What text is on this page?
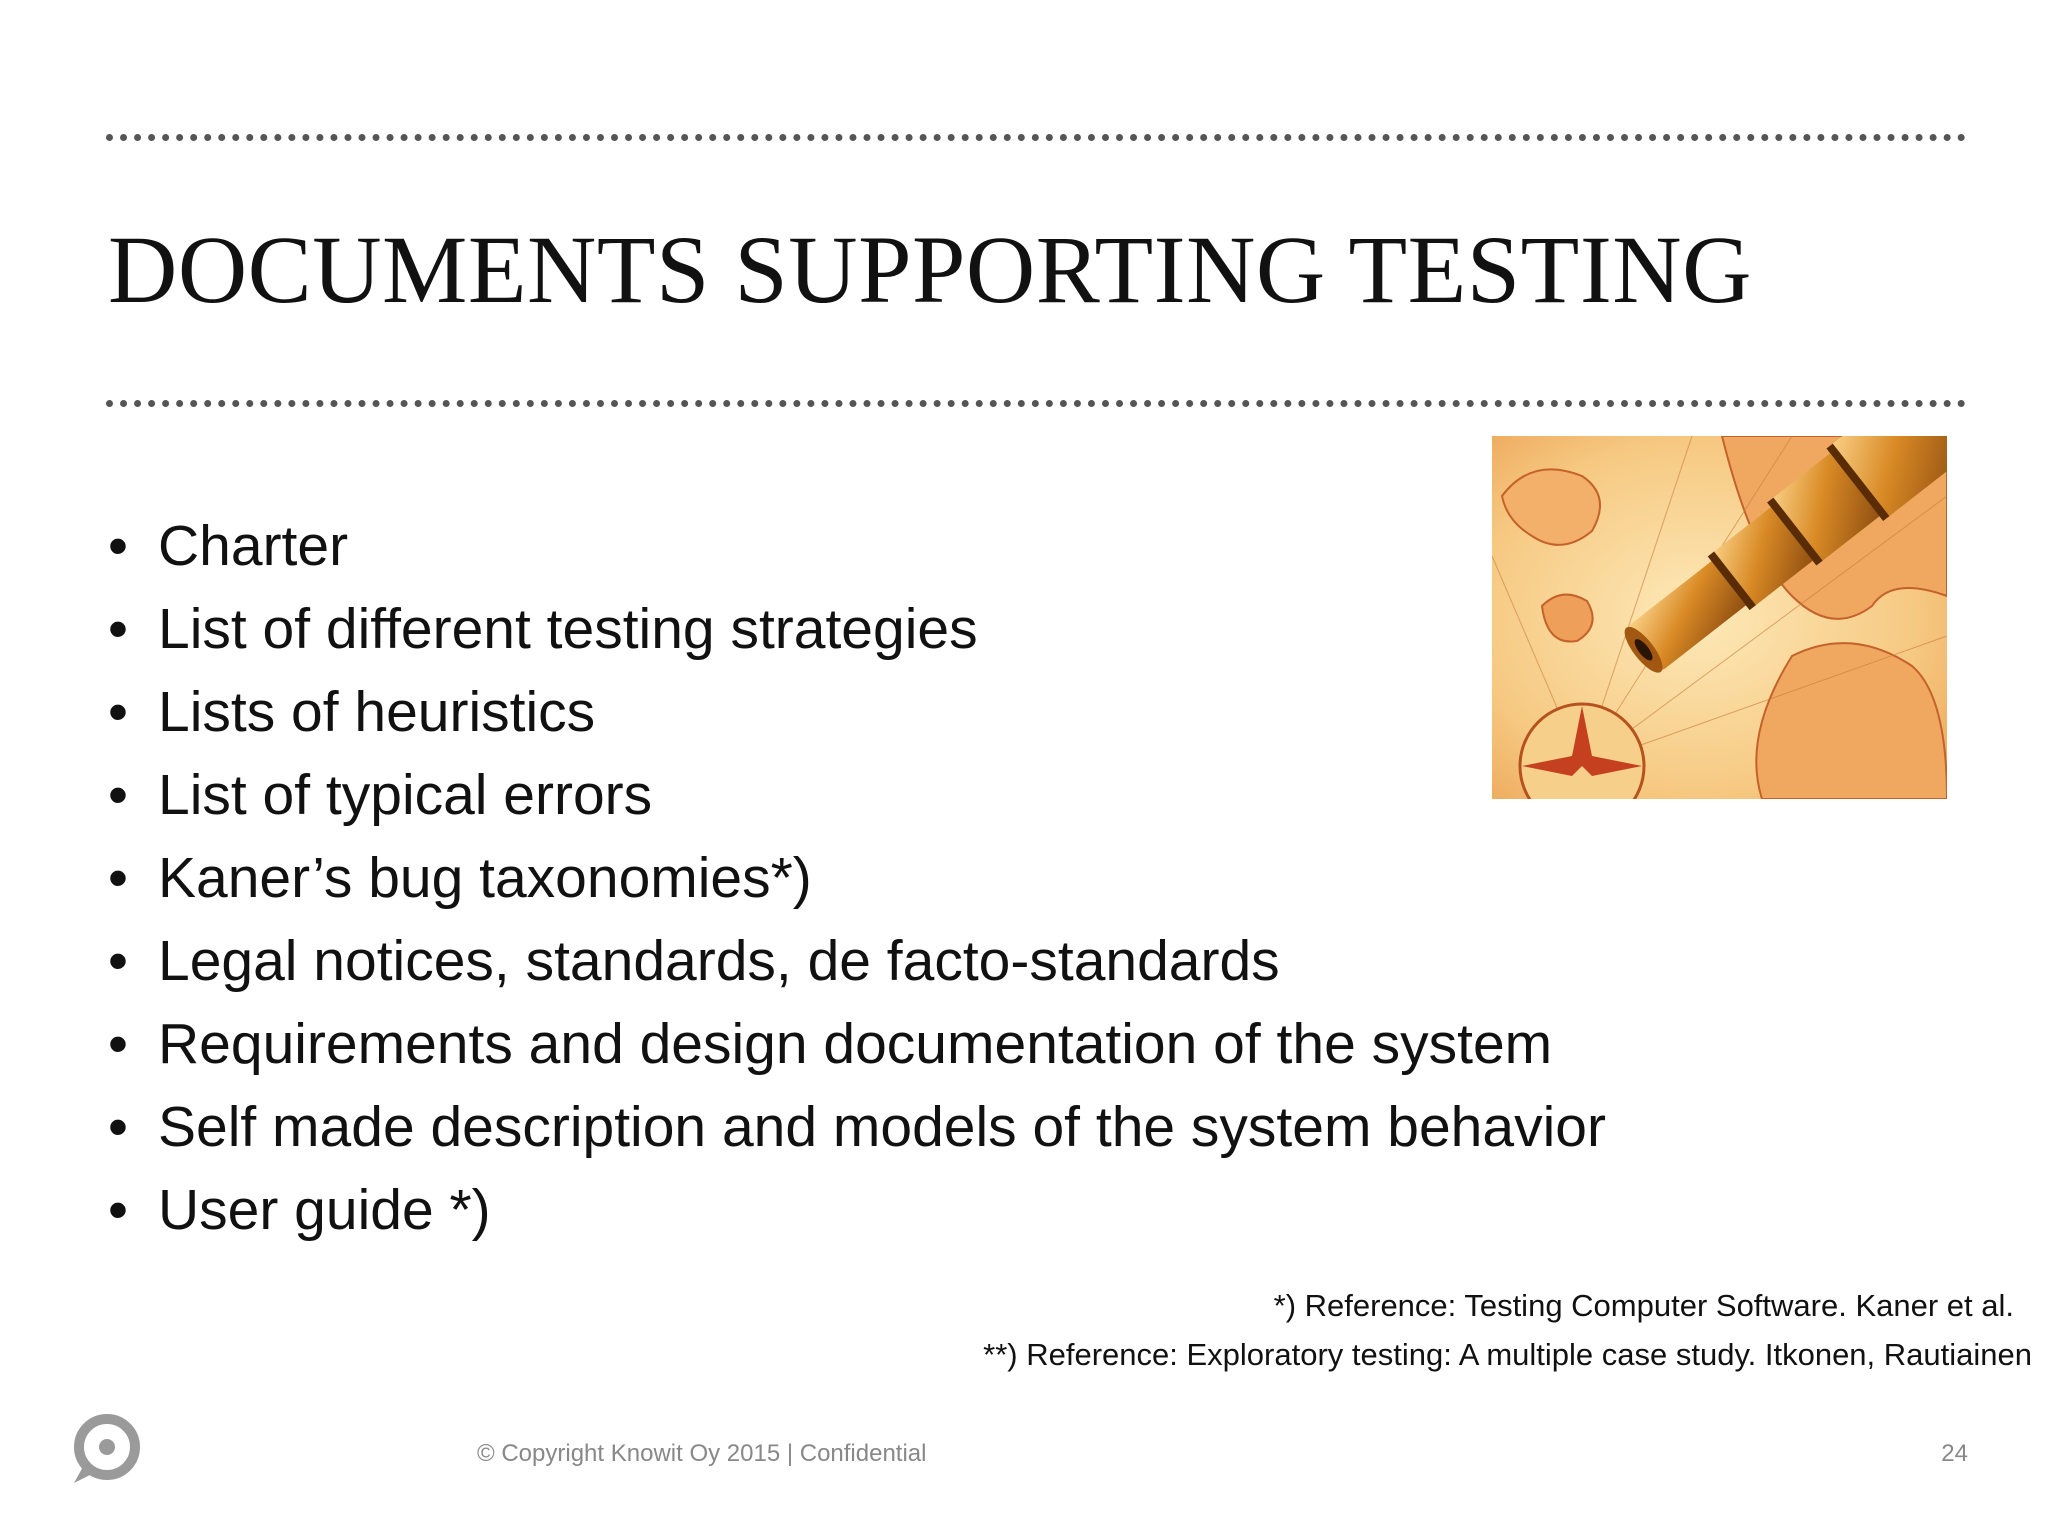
DOCUMENTS SUPPORTING TESTING
• Charter
• List of different testing strategies
• Lists of heuristics
• List of typical errors
• Kaner’s bug taxonomies*)
• Legal notices, standards, de facto-standards
• Requirements and design documentation of the system
• Self made description and models of the system behavior
• User guide *)
*) Reference: Testing Computer Software. Kaner et al.
**) Reference: Exploratory testing: A multiple case study. Itkonen, Rautiainen
© Copyright Knowit Oy 2015 | Confidential	24
